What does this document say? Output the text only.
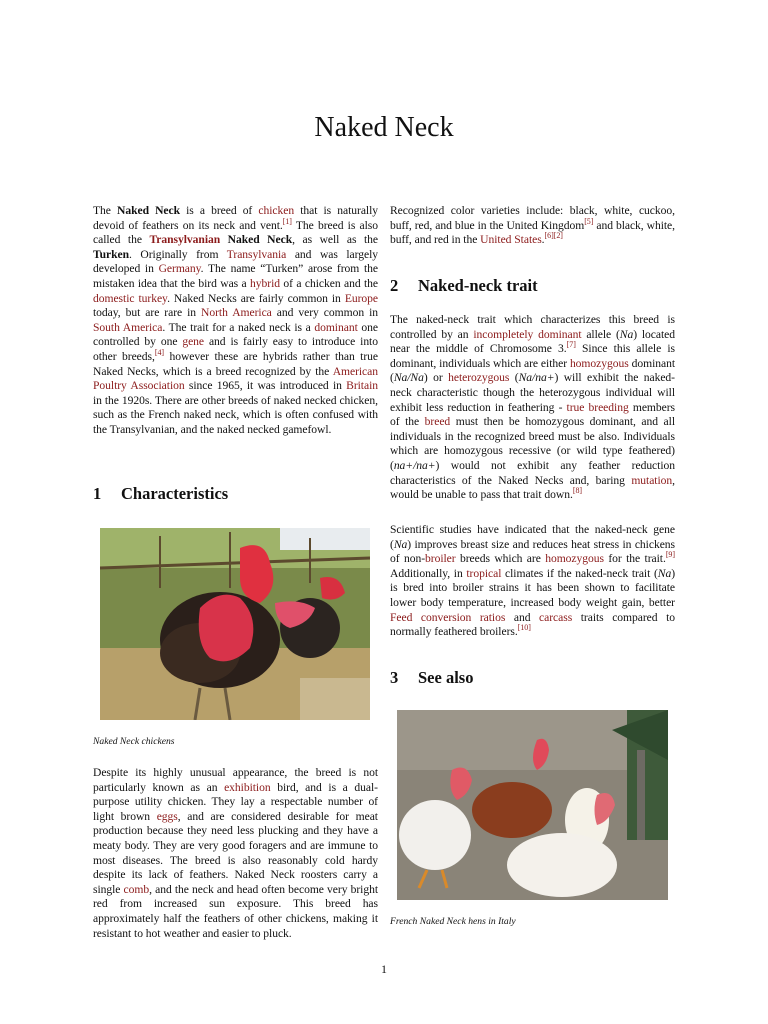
Naked Neck

The Naked Neck is a breed of chicken that is naturally devoid of feathers on its neck and vent.[1] The breed is also called the Transylvanian Naked Neck, as well as the Turken. Originally from Transylvania and was largely developed in Germany. The name “Turken” arose from the mistaken idea that the bird was a hybrid of a chicken and the domestic turkey. Naked Necks are fairly common in Europe today, but are rare in North America and very common in South America. The trait for a naked neck is a dominant one controlled by one gene and is fairly easy to introduce into other breeds,[4] however these are hybrids rather than true Naked Necks, which is a breed recognized by the American Poultry Association since 1965, it was introduced in Britain in the 1920s. There are other breeds of naked necked chicken, such as the French naked neck, which is often confused with the Transylvanian, and the naked necked gamefowl.

1 Characteristics
Naked Neck chickens

Despite its highly unusual appearance, the breed is not particularly known as an exhibition bird, and is a dual-purpose utility chicken. They lay a respectable number of light brown eggs, and are considered desirable for meat production because they need less plucking and they have a meaty body. They are very good foragers and are immune to most diseases. The breed is also reasonably cold hardy despite its lack of feathers. Naked Neck roosters carry a single comb, and the neck and head often become very bright red from increased sun exposure. This breed has approximately half the feathers of other chickens, making it resistant to hot weather and easier to pluck.

Recognized color varieties include: black, white, cuckoo, buff, red, and blue in the United Kingdom[5] and black, white, buff, and red in the United States.[6][2]

2 Naked-neck trait

The naked-neck trait which characterizes this breed is controlled by an incompletely dominant allele (Na) located near the middle of Chromosome 3.[7] Since this allele is dominant, individuals which are either homozygous dominant (Na/Na) or heterozygous (Na/na+) will exhibit the naked-neck characteristic though the heterozygous individual will exhibit less reduction in feathering - true breeding members of the breed must then be homozygous dominant, and all individuals in the recognized breed must be also. Individuals which are homozygous recessive (or wild type feathered) (na+/na+) would not exhibit any feather reduction characteristics of the Naked Necks and, baring mutation, would be unable to pass that trait down.[8]

Scientific studies have indicated that the naked-neck gene (Na) improves breast size and reduces heat stress in chickens of non-broiler breeds which are homozygous for the trait.[9] Additionally, in tropical climates if the naked-neck trait (Na) is bred into broiler strains it has been shown to facilitate lower body temperature, increased body weight gain, better Feed conversion ratios and carcass traits compared to normally feathered broilers.[10]

3 See also
French Naked Neck hens in Italy
1
